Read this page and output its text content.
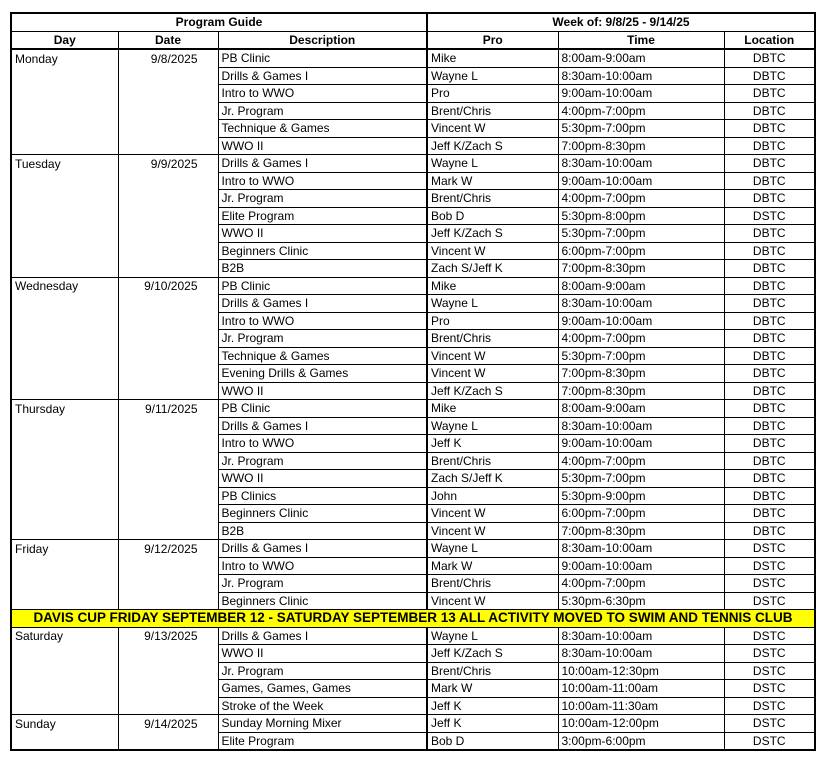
Program Guide			Week of: 9/8/25 - 9/14/25		
Day	Date	Description	Pro	Time	Location
Monday	9/8/2025	PB Clinic	Mike	8:00am-9:00am	DBTC
		Drills & Games I	Wayne L	8:30am-10:00am	DBTC
		Intro to WWO	Pro	9:00am-10:00am	DBTC
		Jr. Program	Brent/Chris	4:00pm-7:00pm	DBTC
		Technique & Games	Vincent W	5:30pm-7:00pm	DBTC
		WWO II	Jeff K/Zach S	7:00pm-8:30pm	DBTC
Tuesday	9/9/2025	Drills & Games I	Wayne L	8:30am-10:00am	DBTC
		Intro to WWO	Mark W	9:00am-10:00am	DBTC
		Jr. Program	Brent/Chris	4:00pm-7:00pm	DBTC
		Elite Program	Bob D	5:30pm-8:00pm	DSTC
		WWO II	Jeff K/Zach S	5:30pm-7:00pm	DBTC
		Beginners Clinic	Vincent W	6:00pm-7:00pm	DBTC
		B2B	Zach S/Jeff K	7:00pm-8:30pm	DBTC
Wednesday	9/10/2025	PB Clinic	Mike	8:00am-9:00am	DBTC
		Drills & Games I	Wayne L	8:30am-10:00am	DBTC
		Intro to WWO	Pro	9:00am-10:00am	DBTC
		Jr. Program	Brent/Chris	4:00pm-7:00pm	DBTC
		Technique & Games	Vincent W	5:30pm-7:00pm	DBTC
		Evening Drills & Games	Vincent W	7:00pm-8:30pm	DBTC
		WWO II	Jeff K/Zach S	7:00pm-8:30pm	DBTC
Thursday	9/11/2025	PB Clinic	Mike	8:00am-9:00am	DBTC
		Drills & Games I	Wayne L	8:30am-10:00am	DBTC
		Intro to WWO	Jeff K	9:00am-10:00am	DBTC
		Jr. Program	Brent/Chris	4:00pm-7:00pm	DBTC
		WWO II	Zach S/Jeff K	5:30pm-7:00pm	DBTC
		PB Clinics	John	5:30pm-9:00pm	DBTC
		Beginners Clinic	Vincent W	6:00pm-7:00pm	DBTC
		B2B	Vincent W	7:00pm-8:30pm	DBTC
Friday	9/12/2025	Drills & Games I	Wayne L	8:30am-10:00am	DSTC
		Intro to WWO	Mark W	9:00am-10:00am	DSTC
		Jr. Program	Brent/Chris	4:00pm-7:00pm	DSTC
		Beginners Clinic	Vincent W	5:30pm-6:30pm	DSTC
DAVIS CUP FRIDAY SEPTEMBER 12 - SATURDAY SEPTEMBER 13 ALL ACTIVITY MOVED TO SWIM AND TENNIS CLUB					
Saturday	9/13/2025	Drills & Games I	Wayne L	8:30am-10:00am	DSTC
		WWO II	Jeff K/Zach S	8:30am-10:00am	DSTC
		Jr. Program	Brent/Chris	10:00am-12:30pm	DSTC
		Games, Games, Games	Mark W	10:00am-11:00am	DSTC
		Stroke of the Week	Jeff K	10:00am-11:30am	DSTC
Sunday	9/14/2025	Sunday Morning Mixer	Jeff K	10:00am-12:00pm	DSTC
		Elite Program	Bob D	3:00pm-6:00pm	DSTC
